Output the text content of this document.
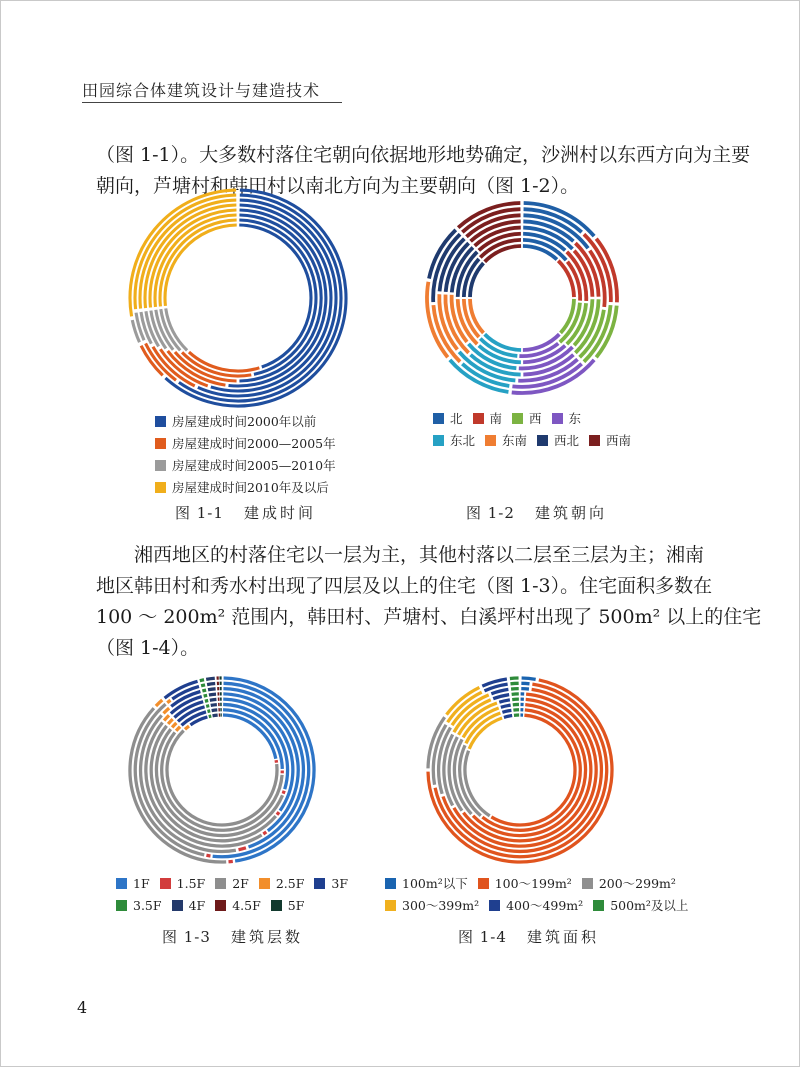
田园综合体建筑设计与建造技术

（图 1-1）。大多数村落住宅朝向依据地形地势确定，沙洲村以东西方向为主要
朝向，芦塘村和韩田村以南北方向为主要朝向（图 1-2）。

房屋建成时间2000年以前
房屋建成时间2000—2005年
房屋建成时间2005—2010年
房屋建成时间2010年及以后
图 1-1 建成时间
北 南 西 东
东北 东南 西北 西南
图 1-2 建筑朝向

湘西地区的村落住宅以一层为主，其他村落以二层至三层为主；湘南
地区韩田村和秀水村出现了四层及以上的住宅（图 1-3）。住宅面积多数在
100 ～ 200m² 范围内，韩田村、芦塘村、白溪坪村出现了 500m² 以上的住宅
（图 1-4）。

1F 1.5F 2F 2.5F 3F
3.5F 4F 4.5F 5F
图 1-3 建筑层数
100m²以下 100～199m² 200～299m²
300～399m² 400～499m² 500m²及以上
图 1-4 建筑面积
4
